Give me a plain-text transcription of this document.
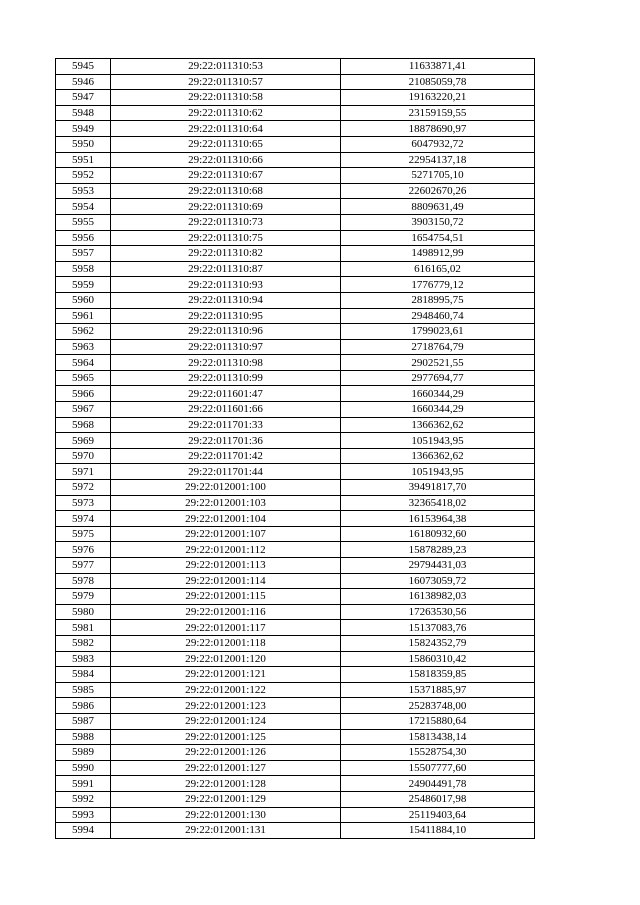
5945	29:22:011310:53	11633871,41
5946	29:22:011310:57	21085059,78
5947	29:22:011310:58	19163220,21
5948	29:22:011310:62	23159159,55
5949	29:22:011310:64	18878690,97
5950	29:22:011310:65	6047932,72
5951	29:22:011310:66	22954137,18
5952	29:22:011310:67	5271705,10
5953	29:22:011310:68	22602670,26
5954	29:22:011310:69	8809631,49
5955	29:22:011310:73	3903150,72
5956	29:22:011310:75	1654754,51
5957	29:22:011310:82	1498912,99
5958	29:22:011310:87	616165,02
5959	29:22:011310:93	1776779,12
5960	29:22:011310:94	2818995,75
5961	29:22:011310:95	2948460,74
5962	29:22:011310:96	1799023,61
5963	29:22:011310:97	2718764,79
5964	29:22:011310:98	2902521,55
5965	29:22:011310:99	2977694,77
5966	29:22:011601:47	1660344,29
5967	29:22:011601:66	1660344,29
5968	29:22:011701:33	1366362,62
5969	29:22:011701:36	1051943,95
5970	29:22:011701:42	1366362,62
5971	29:22:011701:44	1051943,95
5972	29:22:012001:100	39491817,70
5973	29:22:012001:103	32365418,02
5974	29:22:012001:104	16153964,38
5975	29:22:012001:107	16180932,60
5976	29:22:012001:112	15878289,23
5977	29:22:012001:113	29794431,03
5978	29:22:012001:114	16073059,72
5979	29:22:012001:115	16138982,03
5980	29:22:012001:116	17263530,56
5981	29:22:012001:117	15137083,76
5982	29:22:012001:118	15824352,79
5983	29:22:012001:120	15860310,42
5984	29:22:012001:121	15818359,85
5985	29:22:012001:122	15371885,97
5986	29:22:012001:123	25283748,00
5987	29:22:012001:124	17215880,64
5988	29:22:012001:125	15813438,14
5989	29:22:012001:126	15528754,30
5990	29:22:012001:127	15507777,60
5991	29:22:012001:128	24904491,78
5992	29:22:012001:129	25486017,98
5993	29:22:012001:130	25119403,64
5994	29:22:012001:131	15411884,10
